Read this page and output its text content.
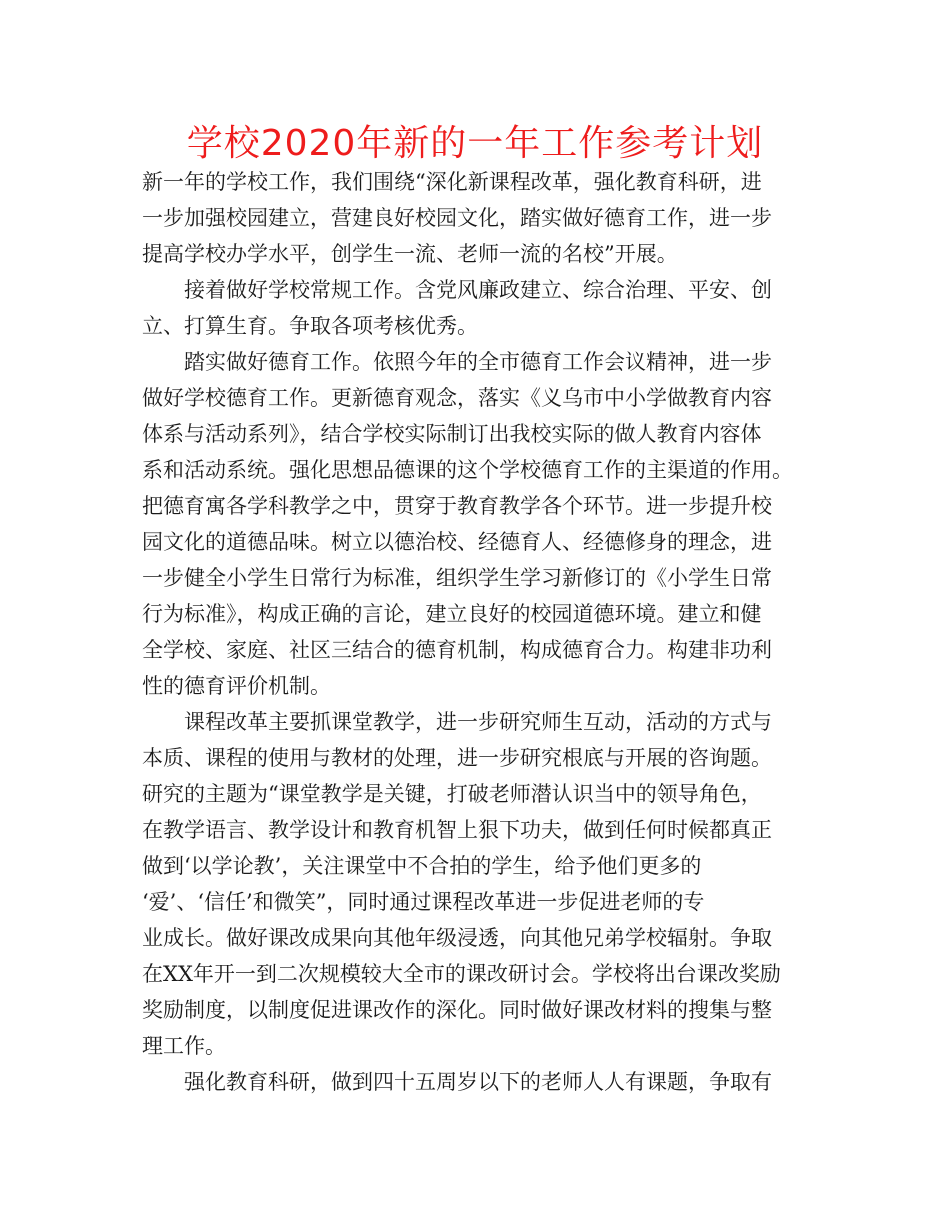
学校2020年新的一年工作参考计划
新一年的学校工作，我们围绕“深化新课程改革，强化教育科研，进
一步加强校园建立，营建良好校园文化，踏实做好德育工作，进一步
提高学校办学水平，创学生一流、老师一流的名校”开展。
　　接着做好学校常规工作。含党风廉政建立、综合治理、平安、创
立、打算生育。争取各项考核优秀。
　　踏实做好德育工作。依照今年的全市德育工作会议精神，进一步
做好学校德育工作。更新德育观念，落实《义乌市中小学做教育内容
体系与活动系列》，结合学校实际制订出我校实际的做人教育内容体
系和活动系统。强化思想品德课的这个学校德育工作的主渠道的作用。
把德育寓各学科教学之中，贯穿于教育教学各个环节。进一步提升校
园文化的道德品味。树立以德治校、经德育人、经德修身的理念，进
一步健全小学生日常行为标准，组织学生学习新修订的《小学生日常
行为标准》，构成正确的言论，建立良好的校园道德环境。建立和健
全学校、家庭、社区三结合的德育机制，构成德育合力。构建非功利
性的德育评价机制。
　　课程改革主要抓课堂教学，进一步研究师生互动，活动的方式与
本质、课程的使用与教材的处理，进一步研究根底与开展的咨询题。
研究的主题为“课堂教学是关键，打破老师潜认识当中的领导角色，
在教学语言、教学设计和教育机智上狠下功夫，做到任何时候都真正
做到‘以学论教’，关注课堂中不合拍的学生，给予他们更多的
‘爱’、‘信任’和微笑”，同时通过课程改革进一步促进老师的专
业成长。做好课改成果向其他年级浸透，向其他兄弟学校辐射。争取
在XX年开一到二次规模较大全市的课改研讨会。学校将出台课改奖励
奖励制度，以制度促进课改作的深化。同时做好课改材料的搜集与整
理工作。
　　强化教育科研，做到四十五周岁以下的老师人人有课题，争取有
